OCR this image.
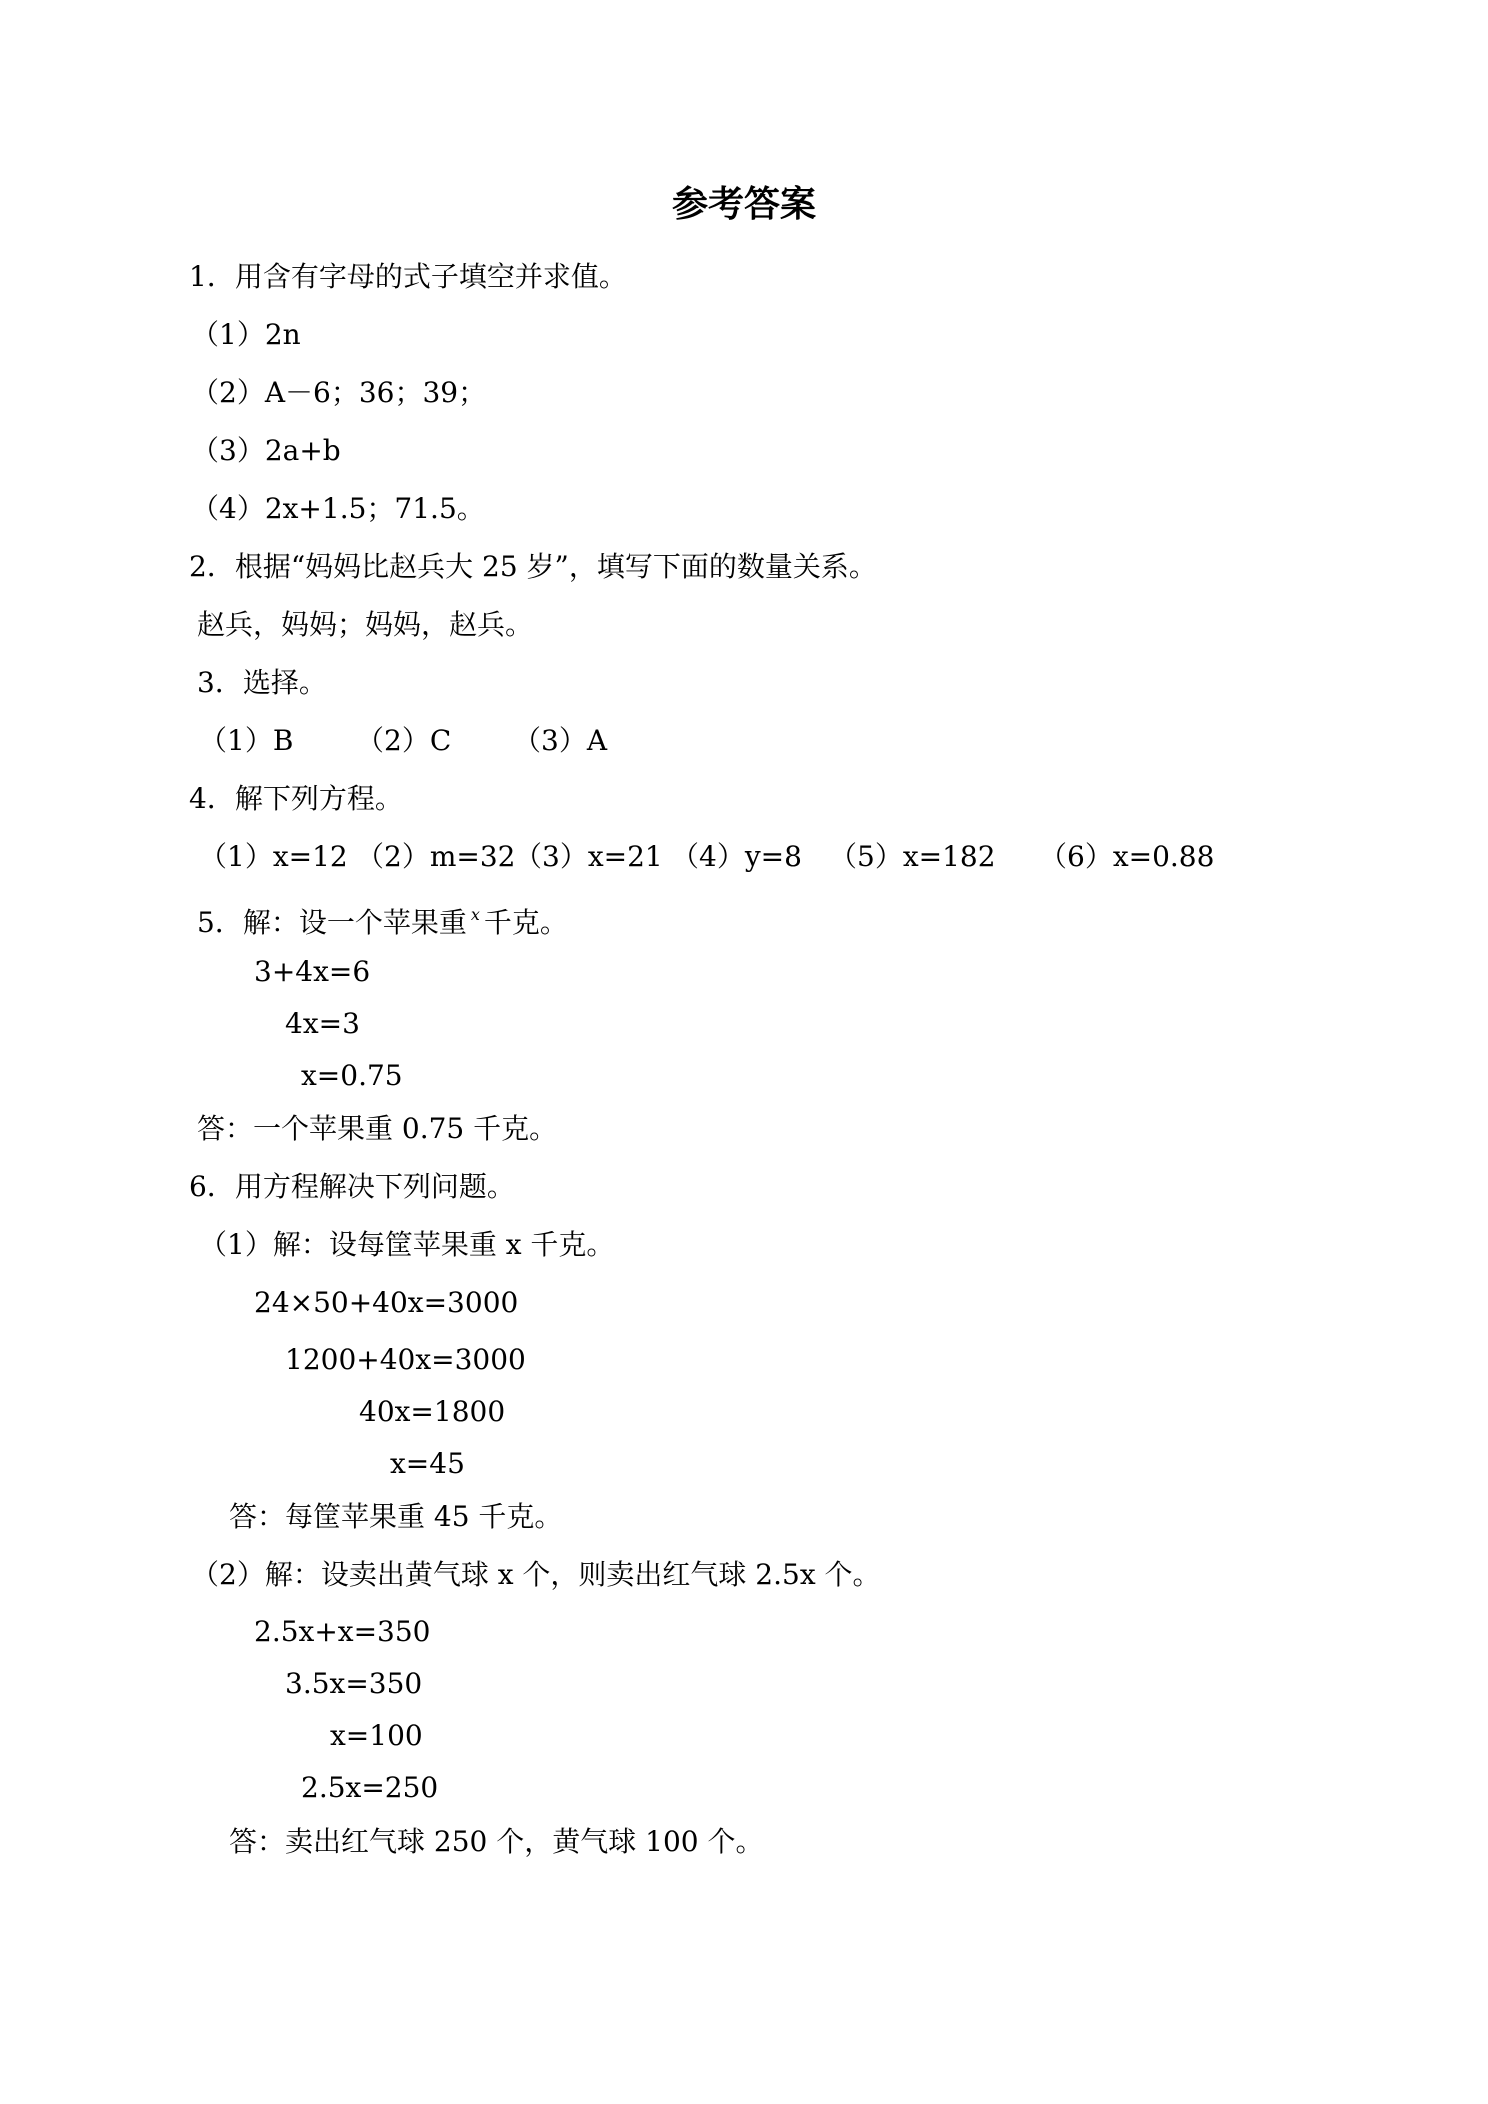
参考答案
1．用含有字母的式子填空并求值。
（1）2n
（2）A－6；36；39；
（3）2a+b
（4）2x+1.5；71.5。
2．根据“妈妈比赵兵大 25 岁”，填写下面的数量关系。
赵兵，妈妈；妈妈，赵兵。
3．选择。
（1）B （2）C （3）A
4．解下列方程。
（1）x=12 （2）m=32
（3）x=21 （4）y=8 （5）x=182 （6）x=0.88
5．解：设一个苹果重 x 千克。
3+4x=6
4x=3
x=0.75
答：一个苹果重 0.75 千克。
6．用方程解决下列问题。
（1）解：设每筐苹果重 x 千克。
24×50+40x=3000
1200+40x=3000
40x=1800
x=45
答：每筐苹果重 45 千克。
（2）解：设卖出黄气球 x 个，则卖出红气球 2.5x 个。
2.5x+x=350
3.5x=350
x=100
2.5x=250
答：卖出红气球 250 个，黄气球 100 个。
